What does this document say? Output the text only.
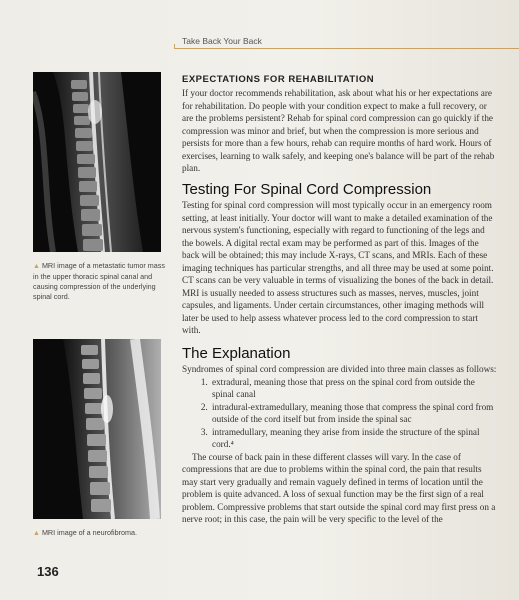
Take Back Your Back
▲ MRI image of a metastatic tumor mass in the upper thoracic spinal canal and causing compression of the underlying spinal cord.
▲ MRI image of a neurofibroma.

EXPECTATIONS FOR REHABILITATION

If your doctor recommends rehabilitation, ask about what his or her expectations are for rehabilitation. Do people with your condition expect to make a full recovery, or are the problems persistent? Rehab for spinal cord compression can go quickly if the compression was minor and brief, but when the compression is more serious and persists for more than a few hours, rehab can require months of hard work. Hours of exercises, learning to walk safely, and keeping one's balance will be part of the rehab plan.

Testing For Spinal Cord Compression

Testing for spinal cord compression will most typically occur in an emergency room setting, at least initially. Your doctor will want to make a detailed examination of the nervous system's functioning, especially with regard to functioning of the legs and the bowels. A digital rectal exam may be performed as part of this. Images of the back will be obtained; this may include X-rays, CT scans, and MRIs. Each of these imaging techniques has particular strengths, and all three may be used at some point. CT scans can be very valuable in terms of visualizing the bones of the back in detail. MRI is usually needed to assess structures such as masses, nerves, muscles, joint capsules, and ligaments. Under certain circumstances, other imaging methods will later be used to help assess whatever process led to the cord compression to start with.

The Explanation

Syndromes of spinal cord compression are divided into three main classes as follows:

1. extradural, meaning those that press on the spinal cord from outside the spinal canal
2. intradural-extramedullary, meaning those that compress the spinal cord from outside of the cord itself but from inside the spinal sac
3. intramedullary, meaning they arise from inside the structure of the spinal cord.⁴

The course of back pain in these different classes will vary. In the case of compressions that are due to problems within the spinal cord, the pain that results may start very gradually and remain vaguely defined in terms of location until the problem is quite advanced. A loss of sexual function may be the first sign of a real problem. Compressive problems that start outside the spinal cord may first press on a nerve root; in this case, the pain will be very specific to the level of the

136
